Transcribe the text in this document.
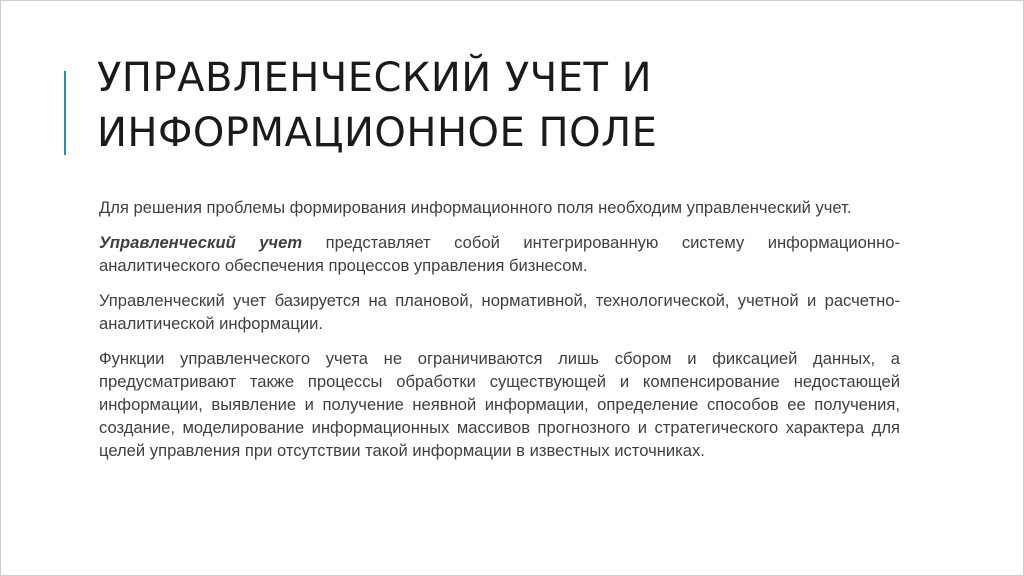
УПРАВЛЕНЧЕСКИЙ УЧЕТ И
ИНФОРМАЦИОННОЕ ПОЛЕ

Для решения проблемы формирования информационного поля необходим управленческий учет.

Управленческий учет представляет собой интегрированную систему информационно-аналитического обеспечения процессов управления бизнесом.

Управленческий учет базируется на плановой, нормативной, технологической, учетной и расчетно-аналитической информации.

Функции управленческого учета не ограничиваются лишь сбором и фиксацией данных, а предусматривают также процессы обработки существующей и компенсирование недостающей информации, выявление и получение неявной информации, определение способов ее получения, создание, моделирование информационных массивов прогнозного и стратегического характера для целей управления при отсутствии такой информации в известных источниках.
